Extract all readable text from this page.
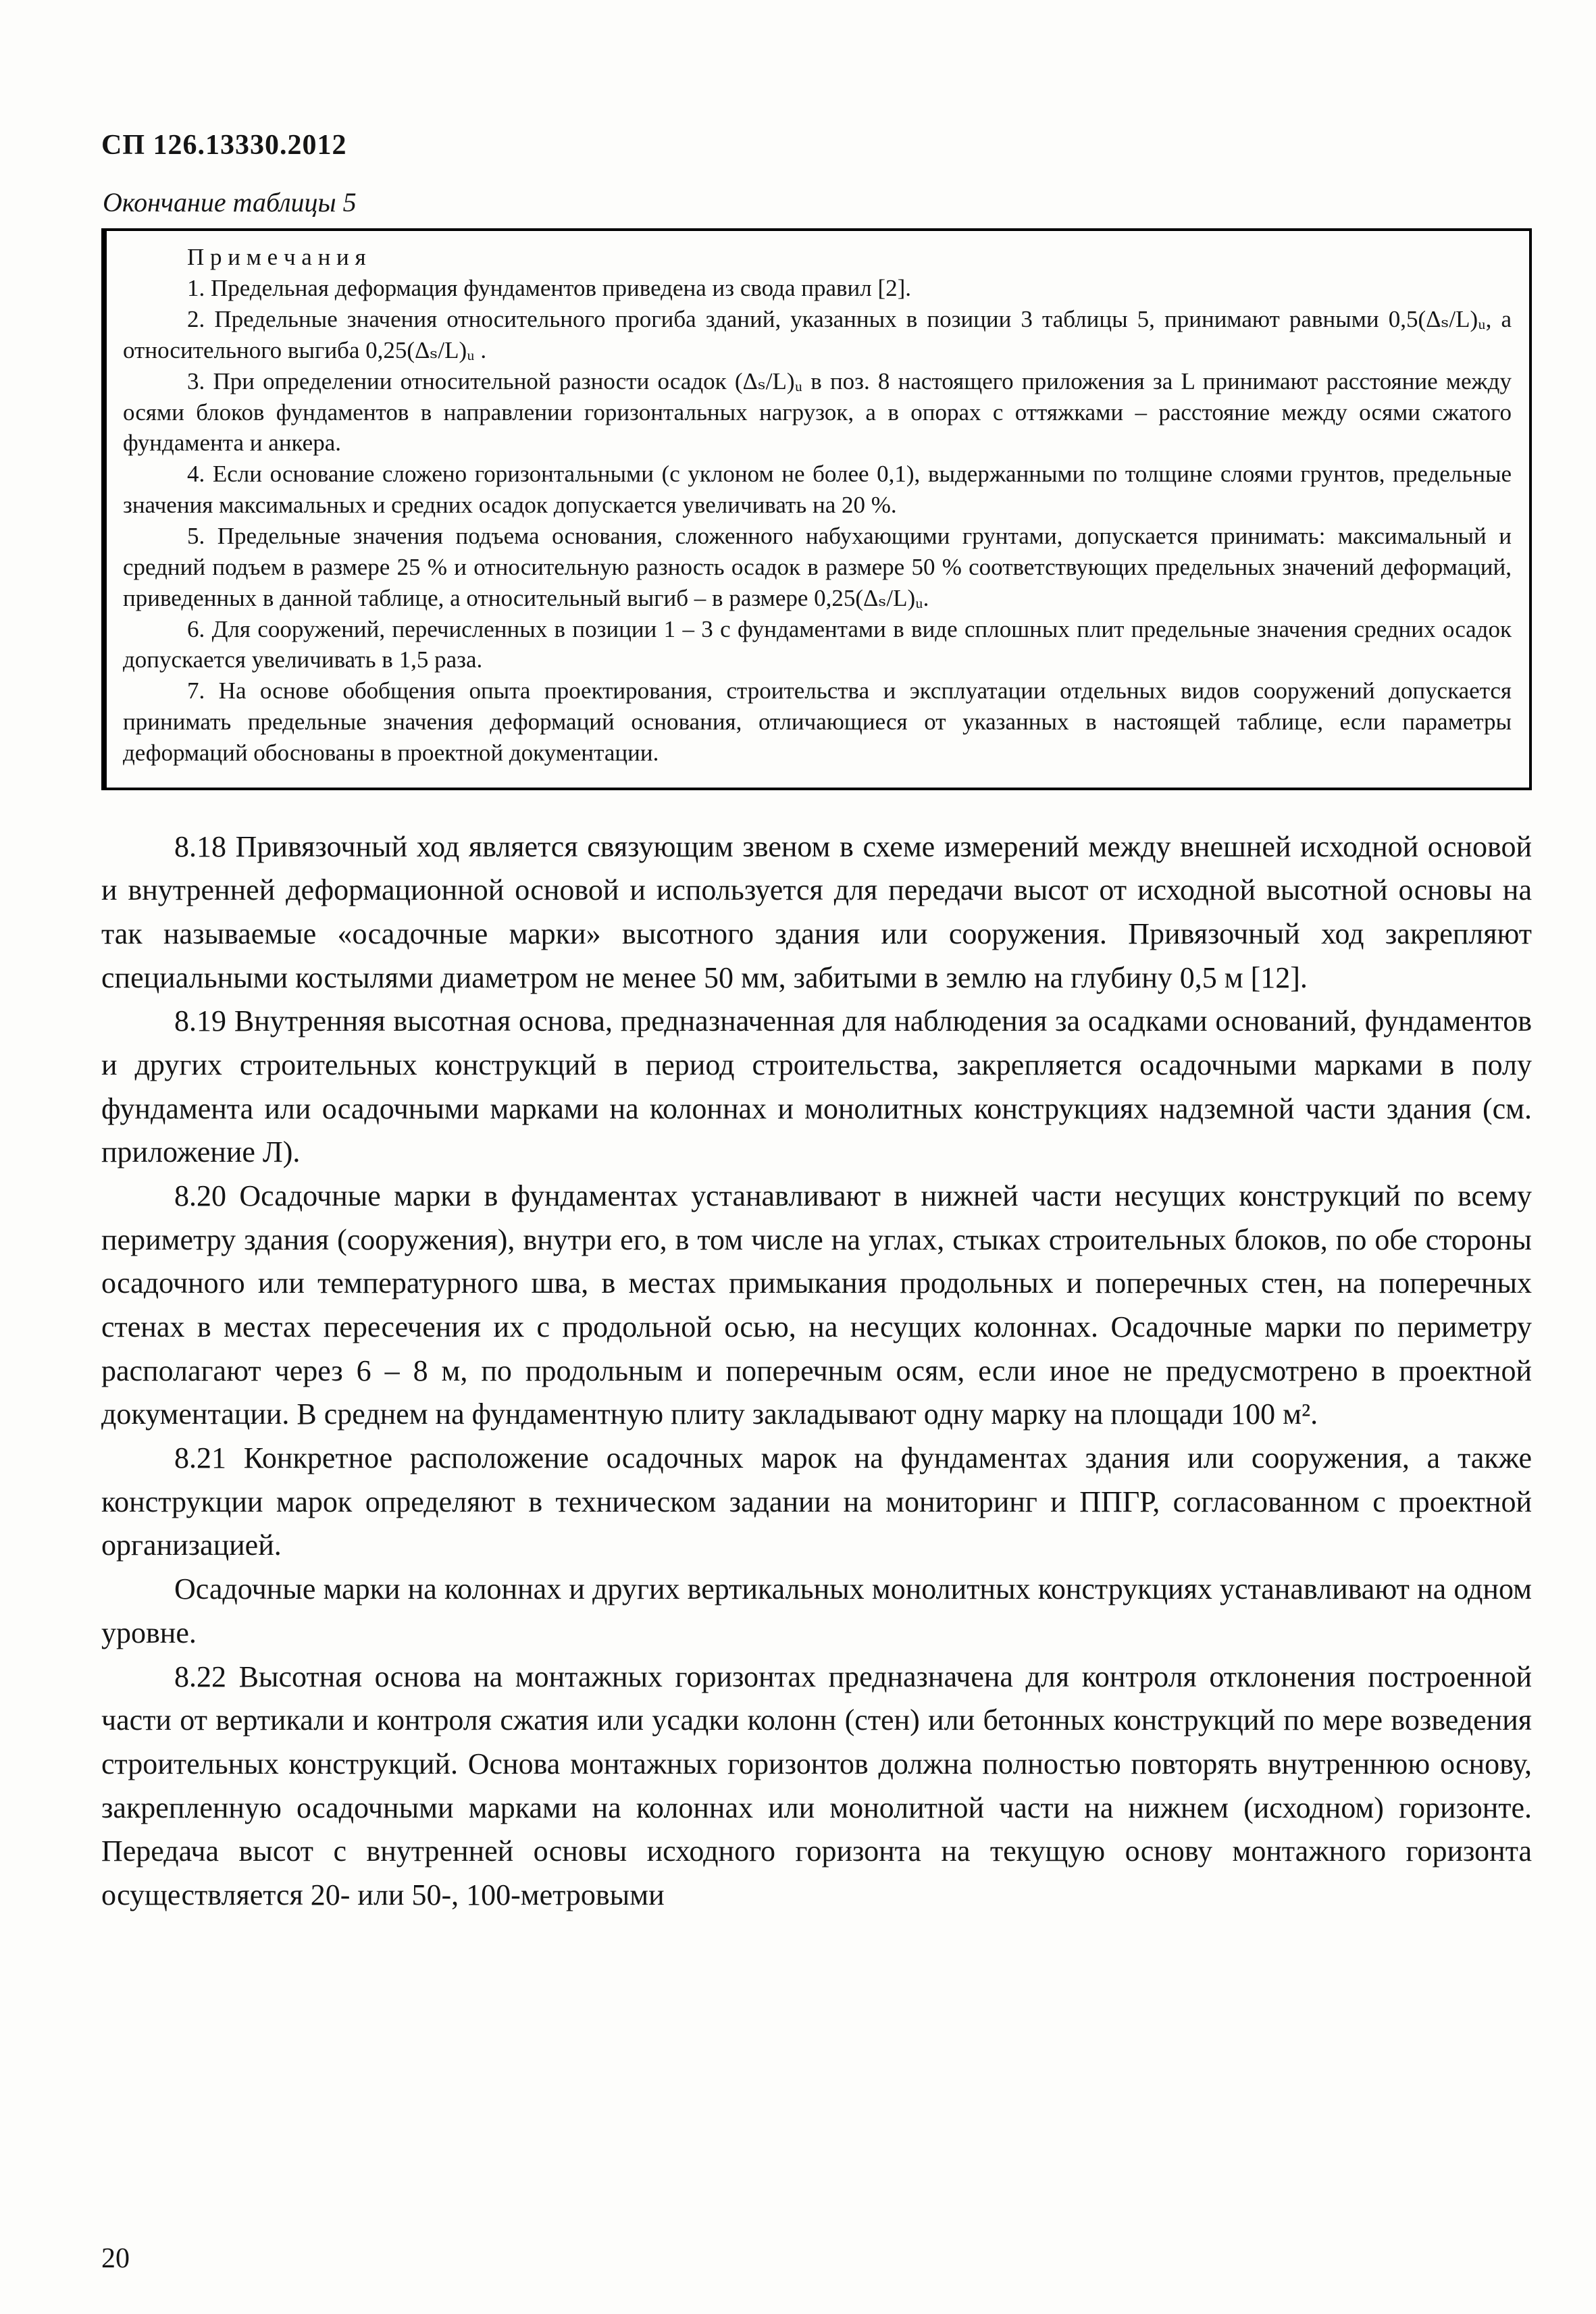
СП 126.13330.2012

Окончание таблицы 5

П р и м е ч а н и я

1. Предельная деформация фундаментов приведена из свода правил [2].

2. Предельные значения относительного прогиба зданий, указанных в позиции 3 таблицы 5, принимают равными 0,5(Δₛ/L)ᵤ, а относительного выгиба 0,25(Δₛ/L)ᵤ .

3. При определении относительной разности осадок (Δₛ/L)ᵤ в поз. 8 настоящего приложения за L принимают расстояние между осями блоков фундаментов в направлении горизонтальных нагрузок, а в опорах с оттяжками – расстояние между осями сжатого фундамента и анкера.

4. Если основание сложено горизонтальными (с уклоном не более 0,1), выдержанными по толщине слоями грунтов, предельные значения максимальных и средних осадок допускается увеличивать на 20 %.

5. Предельные значения подъема основания, сложенного набухающими грунтами, допускается принимать: максимальный и средний подъем в размере 25 % и относительную разность осадок в размере 50 % соответствующих предельных значений деформаций, приведенных в данной таблице, а относительный выгиб – в размере 0,25(Δₛ/L)ᵤ.

6. Для сооружений, перечисленных в позиции 1 – 3 с фундаментами в виде сплошных плит предельные значения средних осадок допускается увеличивать в 1,5 раза.

7. На основе обобщения опыта проектирования, строительства и эксплуатации отдельных видов сооружений допускается принимать предельные значения деформаций основания, отличающиеся от указанных в настоящей таблице, если параметры деформаций обоснованы в проектной документации.

8.18 Привязочный ход является связующим звеном в схеме измерений между внешней исходной основой и внутренней деформационной основой и используется для передачи высот от исходной высотной основы на так называемые «осадочные марки» высотного здания или сооружения. Привязочный ход закрепляют специальными костылями диаметром не менее 50 мм, забитыми в землю на глубину 0,5 м [12].

8.19 Внутренняя высотная основа, предназначенная для наблюдения за осадками оснований, фундаментов и других строительных конструкций в период строительства, закрепляется осадочными марками в полу фундамента или осадочными марками на колоннах и монолитных конструкциях надземной части здания (см. приложение Л).

8.20 Осадочные марки в фундаментах устанавливают в нижней части несущих конструкций по всему периметру здания (сооружения), внутри его, в том числе на углах, стыках строительных блоков, по обе стороны осадочного или температурного шва, в местах примыкания продольных и поперечных стен, на поперечных стенах в местах пересечения их с продольной осью, на несущих колоннах. Осадочные марки по периметру располагают через 6 – 8 м, по продольным и поперечным осям, если иное не предусмотрено в проектной документации. В среднем на фундаментную плиту закладывают одну марку на площади 100 м².

8.21 Конкретное расположение осадочных марок на фундаментах здания или сооружения, а также конструкции марок определяют в техническом задании на мониторинг и ППГР, согласованном с проектной организацией.

Осадочные марки на колоннах и других вертикальных монолитных конструкциях устанавливают на одном уровне.

8.22 Высотная основа на монтажных горизонтах предназначена для контроля отклонения построенной части от вертикали и контроля сжатия или усадки колонн (стен) или бетонных конструкций по мере возведения строительных конструкций. Основа монтажных горизонтов должна полностью повторять внутреннюю основу, закрепленную осадочными марками на колоннах или монолитной части на нижнем (исходном) горизонте. Передача высот с внутренней основы исходного горизонта на текущую основу монтажного горизонта осуществляется 20- или 50-, 100-метровыми

20
